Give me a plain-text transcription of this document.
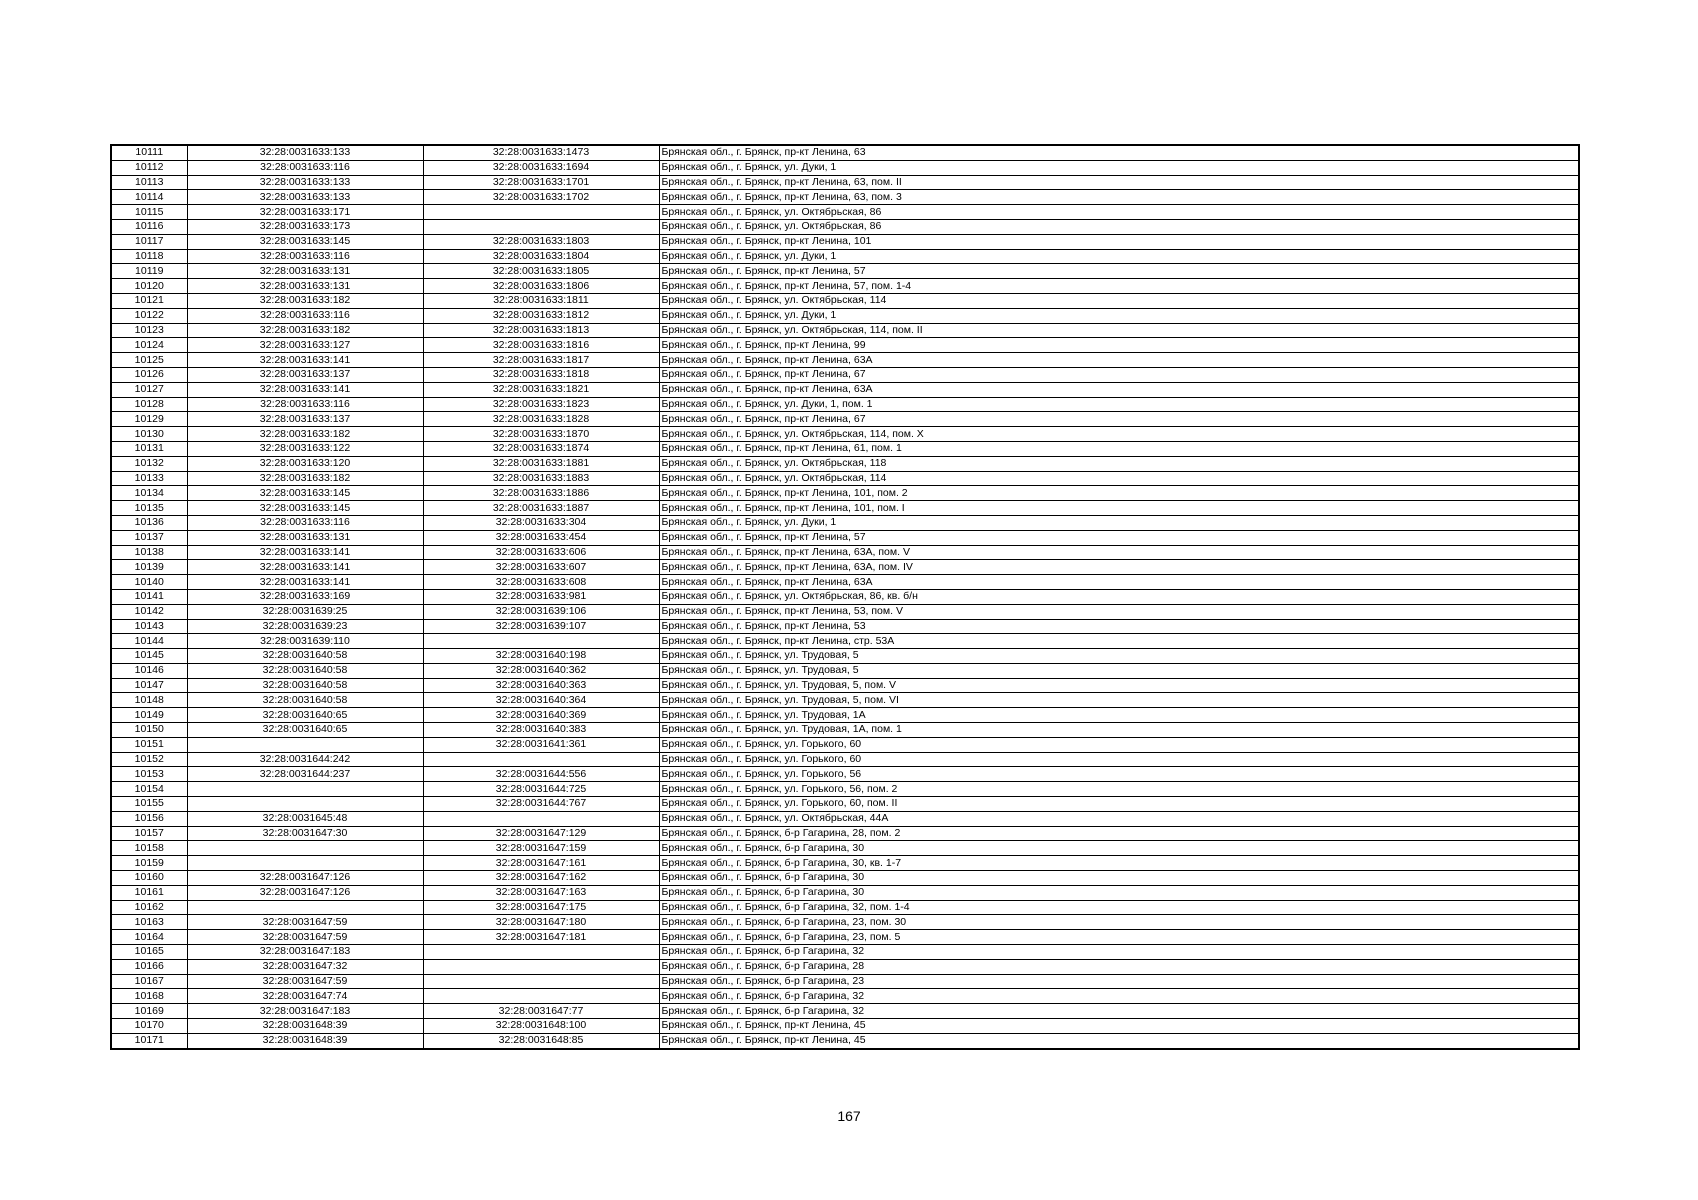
10111	32:28:0031633:133	32:28:0031633:1473	Брянская обл., г. Брянск, пр-кт Ленина, 63
10112	32:28:0031633:116	32:28:0031633:1694	Брянская обл., г. Брянск, ул. Дуки, 1
10113	32:28:0031633:133	32:28:0031633:1701	Брянская обл., г. Брянск, пр-кт Ленина, 63, пом. II
10114	32:28:0031633:133	32:28:0031633:1702	Брянская обл., г. Брянск, пр-кт Ленина, 63, пом. 3
10115	32:28:0031633:171		Брянская обл., г. Брянск, ул. Октябрьская, 86
10116	32:28:0031633:173		Брянская обл., г. Брянск, ул. Октябрьская, 86
10117	32:28:0031633:145	32:28:0031633:1803	Брянская обл., г. Брянск, пр-кт Ленина, 101
10118	32:28:0031633:116	32:28:0031633:1804	Брянская обл., г. Брянск, ул. Дуки, 1
10119	32:28:0031633:131	32:28:0031633:1805	Брянская обл., г. Брянск, пр-кт Ленина, 57
10120	32:28:0031633:131	32:28:0031633:1806	Брянская обл., г. Брянск, пр-кт Ленина, 57, пом. 1-4
10121	32:28:0031633:182	32:28:0031633:1811	Брянская обл., г. Брянск, ул. Октябрьская, 114
10122	32:28:0031633:116	32:28:0031633:1812	Брянская обл., г. Брянск, ул. Дуки, 1
10123	32:28:0031633:182	32:28:0031633:1813	Брянская обл., г. Брянск, ул. Октябрьская, 114, пом. II
10124	32:28:0031633:127	32:28:0031633:1816	Брянская обл., г. Брянск, пр-кт Ленина, 99
10125	32:28:0031633:141	32:28:0031633:1817	Брянская обл., г. Брянск, пр-кт Ленина, 63А
10126	32:28:0031633:137	32:28:0031633:1818	Брянская обл., г. Брянск, пр-кт Ленина, 67
10127	32:28:0031633:141	32:28:0031633:1821	Брянская обл., г. Брянск, пр-кт Ленина, 63А
10128	32:28:0031633:116	32:28:0031633:1823	Брянская обл., г. Брянск, ул. Дуки, 1, пом. 1
10129	32:28:0031633:137	32:28:0031633:1828	Брянская обл., г. Брянск, пр-кт Ленина, 67
10130	32:28:0031633:182	32:28:0031633:1870	Брянская обл., г. Брянск, ул. Октябрьская, 114, пом. X
10131	32:28:0031633:122	32:28:0031633:1874	Брянская обл., г. Брянск, пр-кт Ленина, 61, пом. 1
10132	32:28:0031633:120	32:28:0031633:1881	Брянская обл., г. Брянск, ул. Октябрьская, 118
10133	32:28:0031633:182	32:28:0031633:1883	Брянская обл., г. Брянск, ул. Октябрьская, 114
10134	32:28:0031633:145	32:28:0031633:1886	Брянская обл., г. Брянск, пр-кт Ленина, 101, пом. 2
10135	32:28:0031633:145	32:28:0031633:1887	Брянская обл., г. Брянск, пр-кт Ленина, 101, пом. I
10136	32:28:0031633:116	32:28:0031633:304	Брянская обл., г. Брянск, ул. Дуки, 1
10137	32:28:0031633:131	32:28:0031633:454	Брянская обл., г. Брянск, пр-кт Ленина, 57
10138	32:28:0031633:141	32:28:0031633:606	Брянская обл., г. Брянск, пр-кт Ленина, 63А, пом. V
10139	32:28:0031633:141	32:28:0031633:607	Брянская обл., г. Брянск, пр-кт Ленина, 63А, пом. IV
10140	32:28:0031633:141	32:28:0031633:608	Брянская обл., г. Брянск, пр-кт Ленина, 63А
10141	32:28:0031633:169	32:28:0031633:981	Брянская обл., г. Брянск, ул. Октябрьская, 86, кв. б/н
10142	32:28:0031639:25	32:28:0031639:106	Брянская обл., г. Брянск, пр-кт Ленина, 53, пом. V
10143	32:28:0031639:23	32:28:0031639:107	Брянская обл., г. Брянск, пр-кт Ленина, 53
10144	32:28:0031639:110		Брянская обл., г. Брянск, пр-кт Ленина, стр. 53А
10145	32:28:0031640:58	32:28:0031640:198	Брянская обл., г. Брянск, ул. Трудовая, 5
10146	32:28:0031640:58	32:28:0031640:362	Брянская обл., г. Брянск, ул. Трудовая, 5
10147	32:28:0031640:58	32:28:0031640:363	Брянская обл., г. Брянск, ул. Трудовая, 5, пом. V
10148	32:28:0031640:58	32:28:0031640:364	Брянская обл., г. Брянск, ул. Трудовая, 5, пом. VI
10149	32:28:0031640:65	32:28:0031640:369	Брянская обл., г. Брянск, ул. Трудовая, 1А
10150	32:28:0031640:65	32:28:0031640:383	Брянская обл., г. Брянск, ул. Трудовая, 1А, пом. 1
10151		32:28:0031641:361	Брянская обл., г. Брянск, ул. Горького, 60
10152	32:28:0031644:242		Брянская обл., г. Брянск, ул. Горького, 60
10153	32:28:0031644:237	32:28:0031644:556	Брянская обл., г. Брянск, ул. Горького, 56
10154		32:28:0031644:725	Брянская обл., г. Брянск, ул. Горького, 56, пом. 2
10155		32:28:0031644:767	Брянская обл., г. Брянск, ул. Горького, 60, пом. II
10156	32:28:0031645:48		Брянская обл., г. Брянск, ул. Октябрьская, 44А
10157	32:28:0031647:30	32:28:0031647:129	Брянская обл., г. Брянск, б-р Гагарина, 28, пом. 2
10158		32:28:0031647:159	Брянская обл., г. Брянск, б-р Гагарина, 30
10159		32:28:0031647:161	Брянская обл., г. Брянск, б-р Гагарина, 30, кв. 1-7
10160	32:28:0031647:126	32:28:0031647:162	Брянская обл., г. Брянск, б-р Гагарина, 30
10161	32:28:0031647:126	32:28:0031647:163	Брянская обл., г. Брянск, б-р Гагарина, 30
10162		32:28:0031647:175	Брянская обл., г. Брянск, б-р Гагарина, 32, пом. 1-4
10163	32:28:0031647:59	32:28:0031647:180	Брянская обл., г. Брянск, б-р Гагарина, 23, пом. 30
10164	32:28:0031647:59	32:28:0031647:181	Брянская обл., г. Брянск, б-р Гагарина, 23, пом. 5
10165	32:28:0031647:183		Брянская обл., г. Брянск, б-р Гагарина, 32
10166	32:28:0031647:32		Брянская обл., г. Брянск, б-р Гагарина, 28
10167	32:28:0031647:59		Брянская обл., г. Брянск, б-р Гагарина, 23
10168	32:28:0031647:74		Брянская обл., г. Брянск, б-р Гагарина, 32
10169	32:28:0031647:183	32:28:0031647:77	Брянская обл., г. Брянск, б-р Гагарина, 32
10170	32:28:0031648:39	32:28:0031648:100	Брянская обл., г. Брянск, пр-кт Ленина, 45
10171	32:28:0031648:39	32:28:0031648:85	Брянская обл., г. Брянск, пр-кт Ленина, 45
167
